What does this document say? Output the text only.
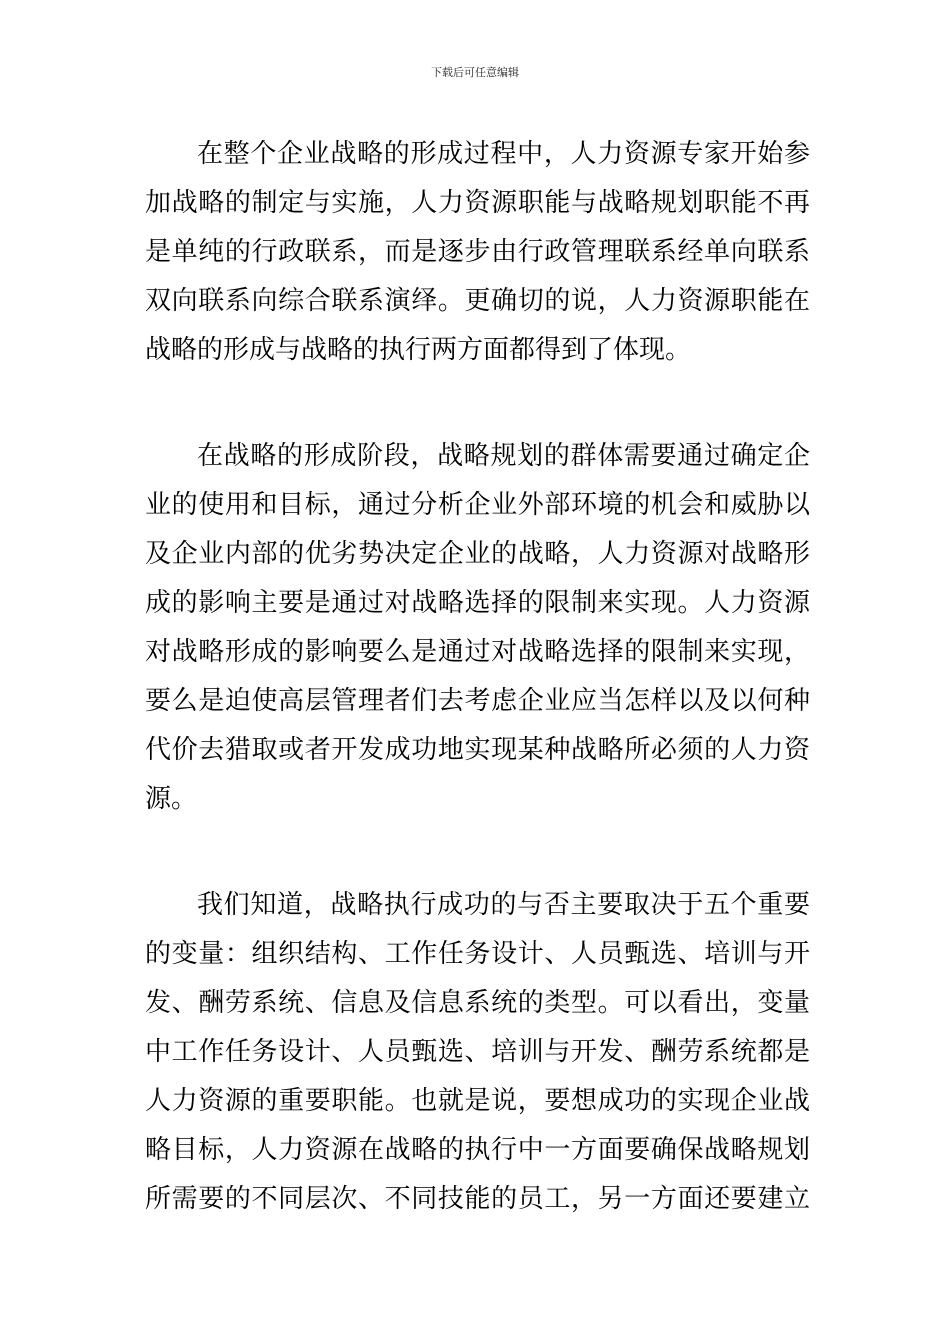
下载后可任意编辑
在整个企业战略的形成过程中，人力资源专家开始参
加战略的制定与实施，人力资源职能与战略规划职能不再
是单纯的行政联系，而是逐步由行政管理联系经单向联系
双向联系向综合联系演绎。更确切的说，人力资源职能在
战略的形成与战略的执行两方面都得到了体现。
在战略的形成阶段，战略规划的群体需要通过确定企
业的使用和目标，通过分析企业外部环境的机会和威胁以
及企业内部的优劣势决定企业的战略，人力资源对战略形
成的影响主要是通过对战略选择的限制来实现。人力资源
对战略形成的影响要么是通过对战略选择的限制来实现，
要么是迫使高层管理者们去考虑企业应当怎样以及以何种
代价去猎取或者开发成功地实现某种战略所必须的人力资
源。
我们知道，战略执行成功的与否主要取决于五个重要
的变量：组织结构、工作任务设计、人员甄选、培训与开
发、酬劳系统、信息及信息系统的类型。可以看出，变量
中工作任务设计、人员甄选、培训与开发、酬劳系统都是
人力资源的重要职能。也就是说，要想成功的实现企业战
略目标，人力资源在战略的执行中一方面要确保战略规划
所需要的不同层次、不同技能的员工，另一方面还要建立
